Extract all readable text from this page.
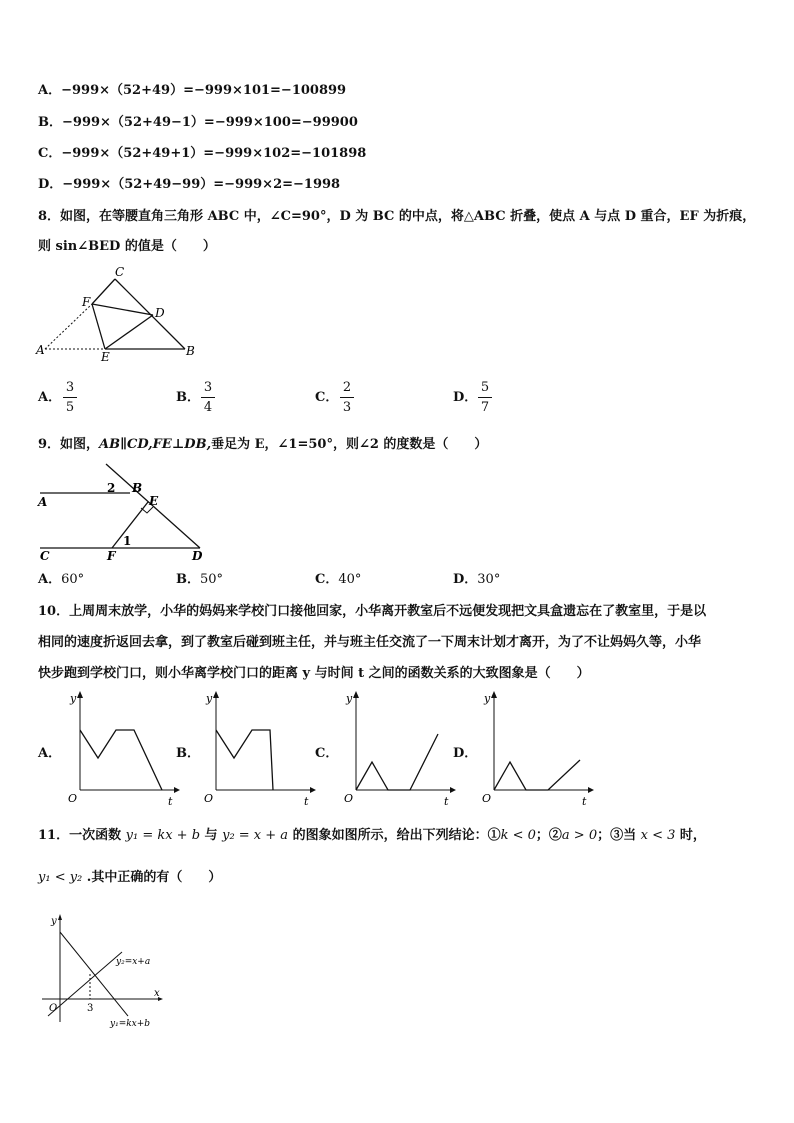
A．−999×（52+49）=−999×101=−100899
B．−999×（52+49−1）=−999×100=−99900
C．−999×（52+49+1）=−999×102=−101898
D．−999×（52+49−99）=−999×2=−1998
8．如图，在等腰直角三角形 ABC 中，∠C=90°，D 为 BC 的中点，将△ABC 折叠，使点 A 与点 D 重合，EF 为折痕，
则 sin∠BED 的值是（　　）
C
F
D
A	E	B
A． $\frac{3}{5}$	B． $\frac{3}{4}$	C． $\frac{2}{3}$	D． $\frac{5}{7}$
9．如图，AB∥CD,FE⊥DB,垂足为 E，∠1=50°，则∠2 的度数是（　　）
A
2 B
E
1
C	F	D
A．60°	B．50°	C．40°	D．30°
10．上周周末放学，小华的妈妈来学校门口接他回家，小华离开教室后不远便发现把文具盒遗忘在了教室里，于是以
相同的速度折返回去拿，到了教室后碰到班主任，并与班主任交流了一下周末计划才离开，为了不让妈妈久等，小华
快步跑到学校门口，则小华离学校门口的距离 y 与时间 t 之间的函数关系的大致图象是（　　）
A．
y
t
O
B．
y
t
O
C．
y
t
O
D．
y
t
O
11．一次函数 y₁ = kx + b 与 y₂ = x + a 的图象如图所示，给出下列结论：①k < 0；②a > 0；③当 x < 3 时，
y₁ < y₂ .其中正确的有（　　）
y
x
O	3
y₂=x+a
y₁=kx+b
